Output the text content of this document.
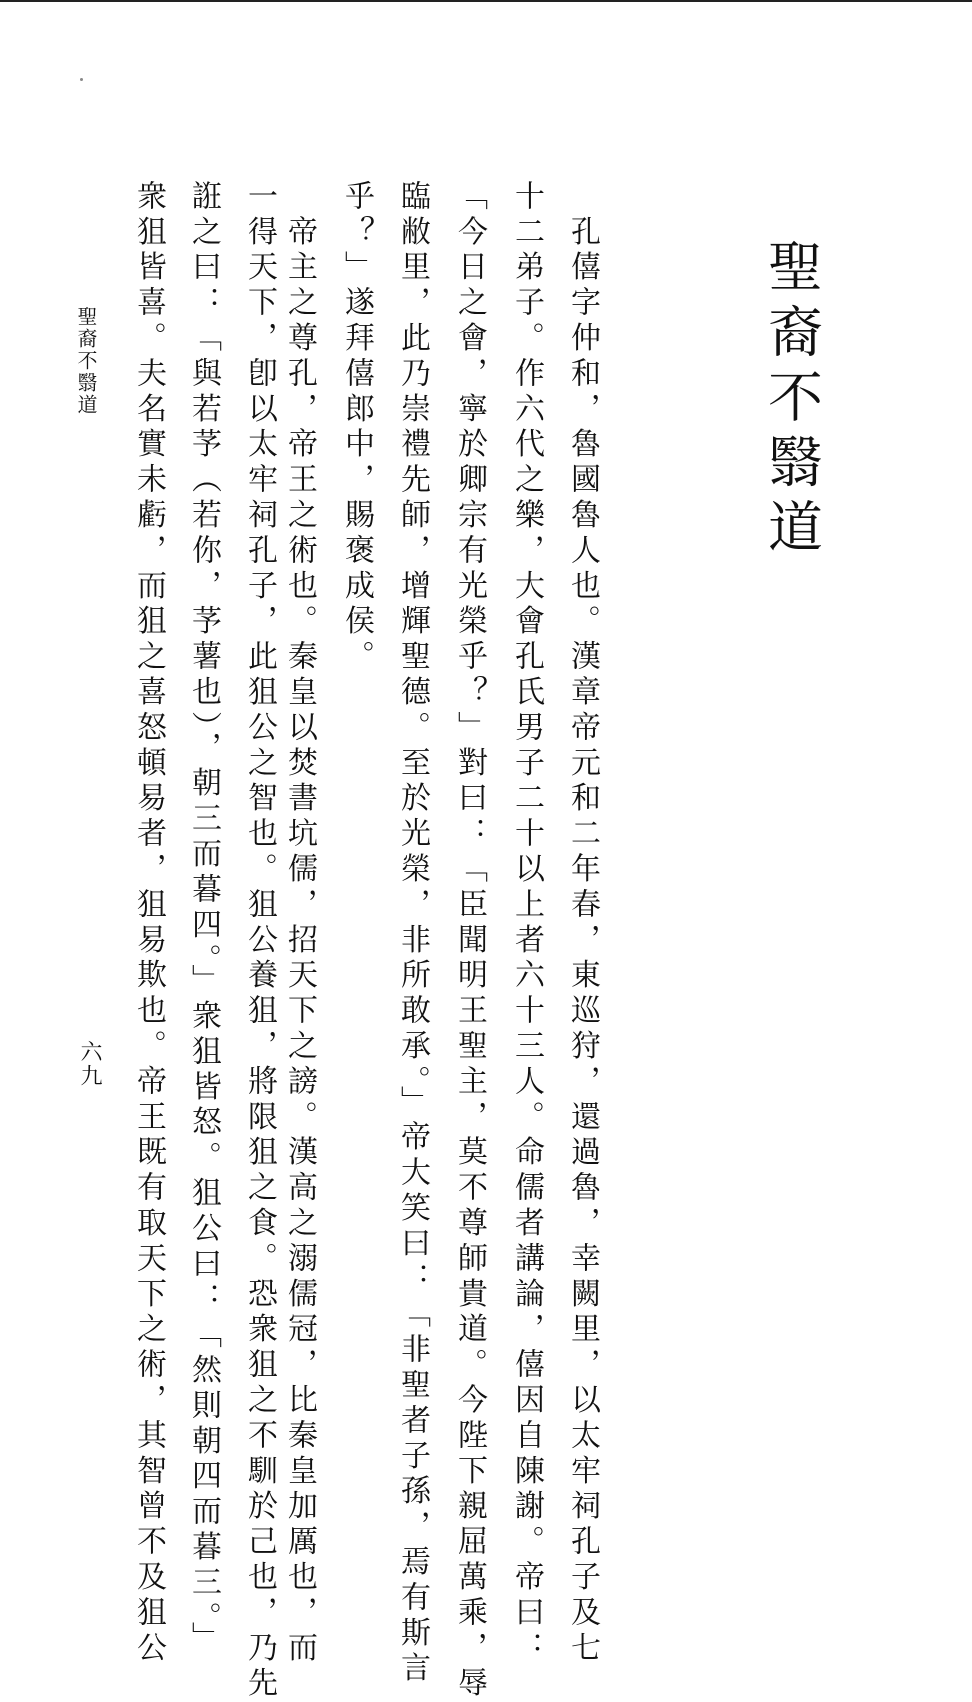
聖裔不翳道
　孔僖字仲和，魯國魯人也。漢章帝元和二年春，東巡狩，還過魯，幸闕里，以太牢祠孔子及七
十二弟子。作六代之樂，大會孔氏男子二十以上者六十三人。命儒者講論，僖因自陳謝。帝曰：
「今日之會，寧於卿宗有光榮乎？」對曰：「臣聞明王聖主，莫不尊師貴道。今陛下親屈萬乘，辱
臨敝里，此乃崇禮先師，增輝聖德。至於光榮，非所敢承。」帝大笑曰：「非聖者子孫，焉有斯言
乎？」遂拜僖郎中，賜褒成侯。
　帝主之尊孔，帝王之術也。秦皇以焚書坑儒，招天下之謗。漢高之溺儒冠，比秦皇加厲也，而
一得天下，卽以太牢祠孔子，此狙公之智也。狙公養狙，將限狙之食。恐衆狙之不馴於己也，乃先
誑之曰：「與若芧（若你，芧薯也），朝三而暮四。」衆狙皆怒。狙公曰：「然則朝四而暮三。」
衆狙皆喜。夫名實未虧，而狙之喜怒頓易者，狙易欺也。帝王既有取天下之術，其智曾不及狙公
聖裔不翳道
六九
